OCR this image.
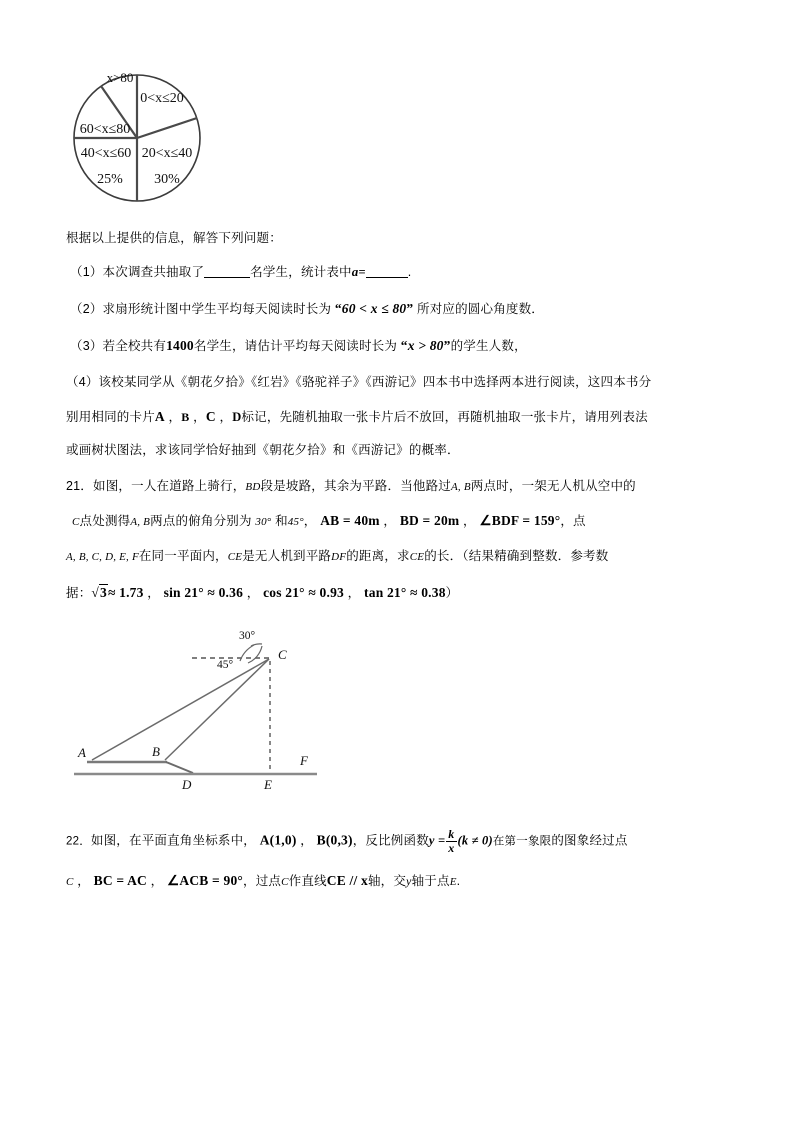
0<x≤20
20<x≤40
30%
40<x≤60
25%
60<x≤80
x>80
根据以上提供的信息，解答下列问题：
（1）本次调查共抽取了	名学生，统计表中a=	.
（2）求扇形统计图中学生平均每天阅读时长为 “60 < x ≤ 80” 所对应的圆心角度数．
（3）若全校共有1400名学生，请估计平均每天阅读时长为 “x > 80”的学生人数，
（4）该校某同学从《朝花夕拾》《红岩》《骆驼祥子》《西游记》四本书中选择两本进行阅读，这四本书分
别用相同的卡片A ，B ，C ，D标记，先随机抽取一张卡片后不放回，再随机抽取一张卡片，请用列表法
或画树状图法，求该同学恰好抽到《朝花夕拾》和《西游记》的概率．
21．如图，一人在道路上骑行，BD段是坡路，其余为平路．当他路过A, B两点时，一架无人机从空中的
C点处测得A, B两点的俯角分别为 30° 和45°， AB = 40m ， BD = 20m ， ∠BDF = 159°，点
A, B, C, D, E, F在同一平面内，CE是无人机到平路DF的距离，求CE的长．（结果精确到整数．参考数
据：√3≈ 1.73 ， sin 21° ≈ 0.36 ， cos 21° ≈ 0.93 ， tan 21° ≈ 0.38）
30°
45°
C
A	B
D	E
F
22．如图，在平面直角坐标系中， A(1,0) ， B(0,3)，反比例函数$y = \frac{k}{x} (k \ne 0)$在第一象限的图象经过点
C ， BC = AC ， ∠ACB = 90°，过点C作直线CE // x轴，交y轴于点E.
